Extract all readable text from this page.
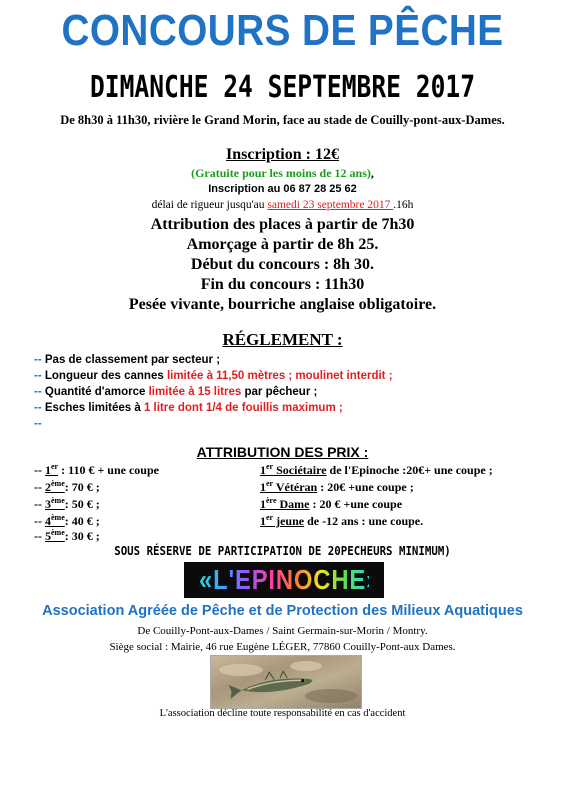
CONCOURS DE PÊCHE
DIMANCHE 24 SEPTEMBRE 2017
De 8h30 à 11h30, rivière le Grand Morin, face au stade de Couilly-pont-aux-Dames.
Inscription : 12€
(Gratuite pour les moins de 12 ans),
Inscription au 06 87 28 25 62
délai de rigueur jusqu'au samedi 23 septembre 2017 .16h
Attribution des places à partir de 7h30
Amorçage à partir de 8h 25.
Début du concours : 8h 30.
Fin du concours : 11h30
Pesée vivante, bourriche anglaise obligatoire.
RÉGLEMENT :
-- Pas de classement par secteur ;
-- Longueur des cannes limitée à 11,50 mètres ; moulinet interdit ;
-- Quantité d'amorce limitée à 15 litres par pêcheur ;
-- Esches limitées à 1 litre dont 1/4 de fouillis maximum ;
--
ATTRIBUTION DES PRIX :
-- 1er : 110 € + une coupe
-- 2ème: 70 € ;
-- 3ème: 50 € ;
-- 4ème: 40 € ;
-- 5ème: 30 € ;
1er Sociétaire de l'Epinoche :20€+ une coupe ;
1er Vétéran : 20€ +une coupe ;
1ère Dame : 20 € +une coupe
1er jeune de -12 ans : une coupe.
SOUS RÉSERVE DE PARTICIPATION DE 20PECHEURS MINIMUM)
«L'EPINOCHE»
Association Agréée de Pêche et de Protection des Milieux Aquatiques
De Couilly-Pont-aux-Dames / Saint Germain-sur-Morin / Montry.
Siège social : Mairie, 46 rue Eugène LÉGER, 77860 Couilly-Pont-aux Dames.
L'association décline toute responsabilité en cas d'accident
